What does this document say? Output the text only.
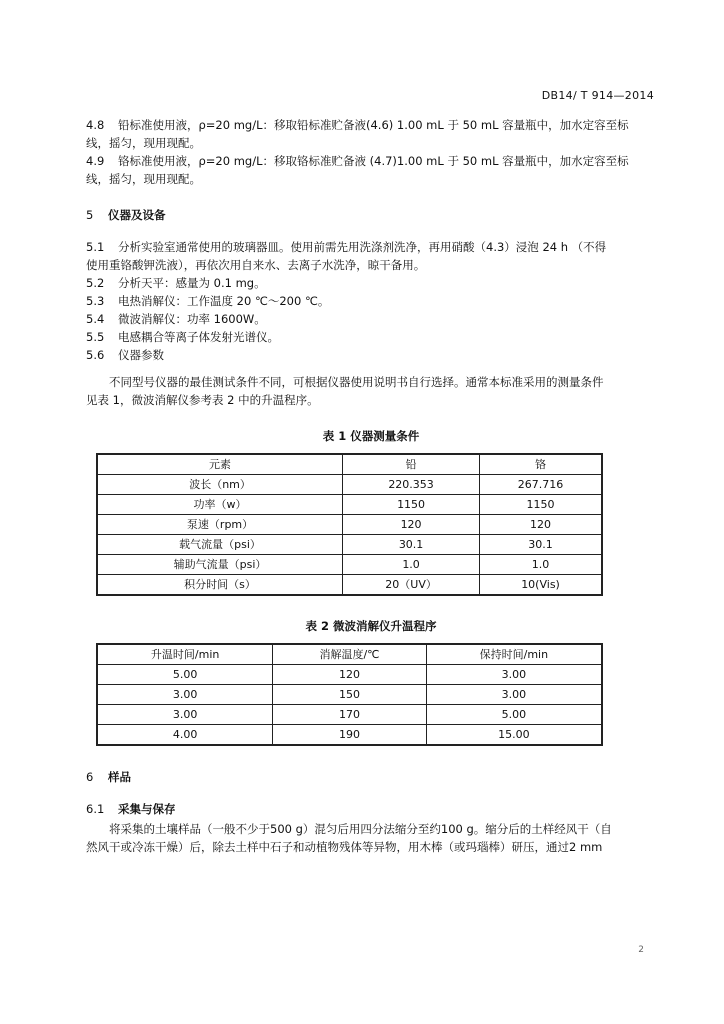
DB14/ T 914—2014
4.8 铅标准使用液，ρ=20 mg/L：移取铅标准贮备液(4.6) 1.00 mL 于 50 mL 容量瓶中，加水定容至标
线，摇匀，现用现配。
4.9 铬标准使用液，ρ=20 mg/L：移取铬标准贮备液 (4.7)1.00 mL 于 50 mL 容量瓶中，加水定容至标
线，摇匀，现用现配。
5 仪器及设备
5.1 分析实验室通常使用的玻璃器皿。使用前需先用洗涤剂洗净，再用硝酸（4.3）浸泡 24 h （不得
使用重铬酸钾洗液），再依次用自来水、去离子水洗净，晾干备用。
5.2 分析天平：感量为 0.1 mg。
5.3 电热消解仪：工作温度 20 ℃～200 ℃。
5.4 微波消解仪：功率 1600W。
5.5 电感耦合等离子体发射光谱仪。
5.6 仪器参数
不同型号仪器的最佳测试条件不同，可根据仪器使用说明书自行选择。通常本标准采用的测量条件
见表 1，微波消解仪参考表 2 中的升温程序。
表 1 仪器测量条件
元素	铅	铬
波长（nm）	220.353	267.716
功率（w）	1150	1150
泵速（rpm）	120	120
载气流量（psi）	30.1	30.1
辅助气流量（psi）	1.0	1.0
积分时间（s）	20（UV）	10(Vis)
表 2 微波消解仪升温程序
升温时间/min	消解温度/℃	保持时间/min
5.00	120	3.00
3.00	150	3.00
3.00	170	5.00
4.00	190	15.00
6 样品
6.1 采集与保存
将采集的土壤样品（一般不少于500 g）混匀后用四分法缩分至约100 g。缩分后的土样经风干（自
然风干或冷冻干燥）后，除去土样中石子和动植物残体等异物，用木棒（或玛瑙棒）研压，通过2 mm
2
